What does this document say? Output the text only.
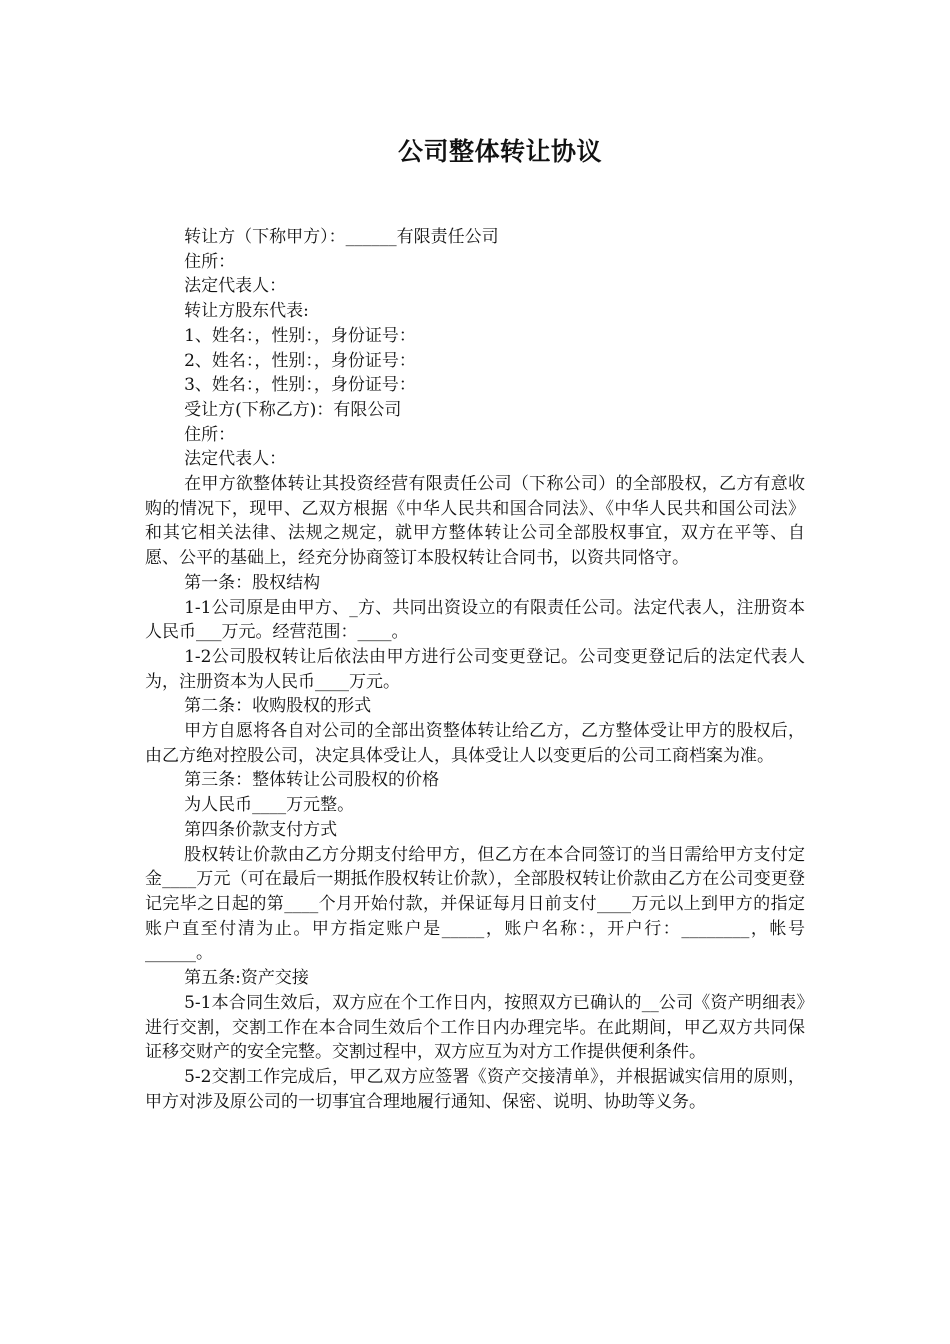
公司整体转让协议

转让方（下称甲方）：______有限责任公司

住所：

法定代表人：

转让方股东代表:

1、姓名：，性别：，身份证号：

2、姓名：，性别：，身份证号：

3、姓名：，性别：，身份证号：

受让方(下称乙方)：有限公司

住所：

法定代表人：

在甲方欲整体转让其投资经营有限责任公司（下称公司）的全部股权，乙方有意收购的情况下，现甲、乙双方根据《中华人民共和国合同法》、《中华人民共和国公司法》和其它相关法律、法规之规定，就甲方整体转让公司全部股权事宜，双方在平等、自愿、公平的基础上，经充分协商签订本股权转让合同书，以资共同恪守。

第一条：股权结构

1-1公司原是由甲方、_方、共同出资设立的有限责任公司。法定代表人，注册资本人民币___万元。经营范围：____。

1-2公司股权转让后依法由甲方进行公司变更登记。公司变更登记后的法定代表人为，注册资本为人民币____万元。

第二条：收购股权的形式

甲方自愿将各自对公司的全部出资整体转让给乙方，乙方整体受让甲方的股权后，由乙方绝对控股公司，决定具体受让人，具体受让人以变更后的公司工商档案为准。

第三条：整体转让公司股权的价格

为人民币____万元整。

第四条价款支付方式

股权转让价款由乙方分期支付给甲方，但乙方在本合同签订的当日需给甲方支付定金____万元（可在最后一期抵作股权转让价款），全部股权转让价款由乙方在公司变更登记完毕之日起的第____个月开始付款，并保证每月日前支付____万元以上到甲方的指定账户直至付清为止。甲方指定账户是_____，账户名称：，开户行：________，帐号______。

第五条:资产交接

5-1本合同生效后，双方应在个工作日内，按照双方已确认的__公司《资产明细表》进行交割，交割工作在本合同生效后个工作日内办理完毕。在此期间，甲乙双方共同保证移交财产的安全完整。交割过程中，双方应互为对方工作提供便利条件。

5-2交割工作完成后，甲乙双方应签署《资产交接清单》，并根据诚实信用的原则，甲方对涉及原公司的一切事宜合理地履行通知、保密、说明、协助等义务。
